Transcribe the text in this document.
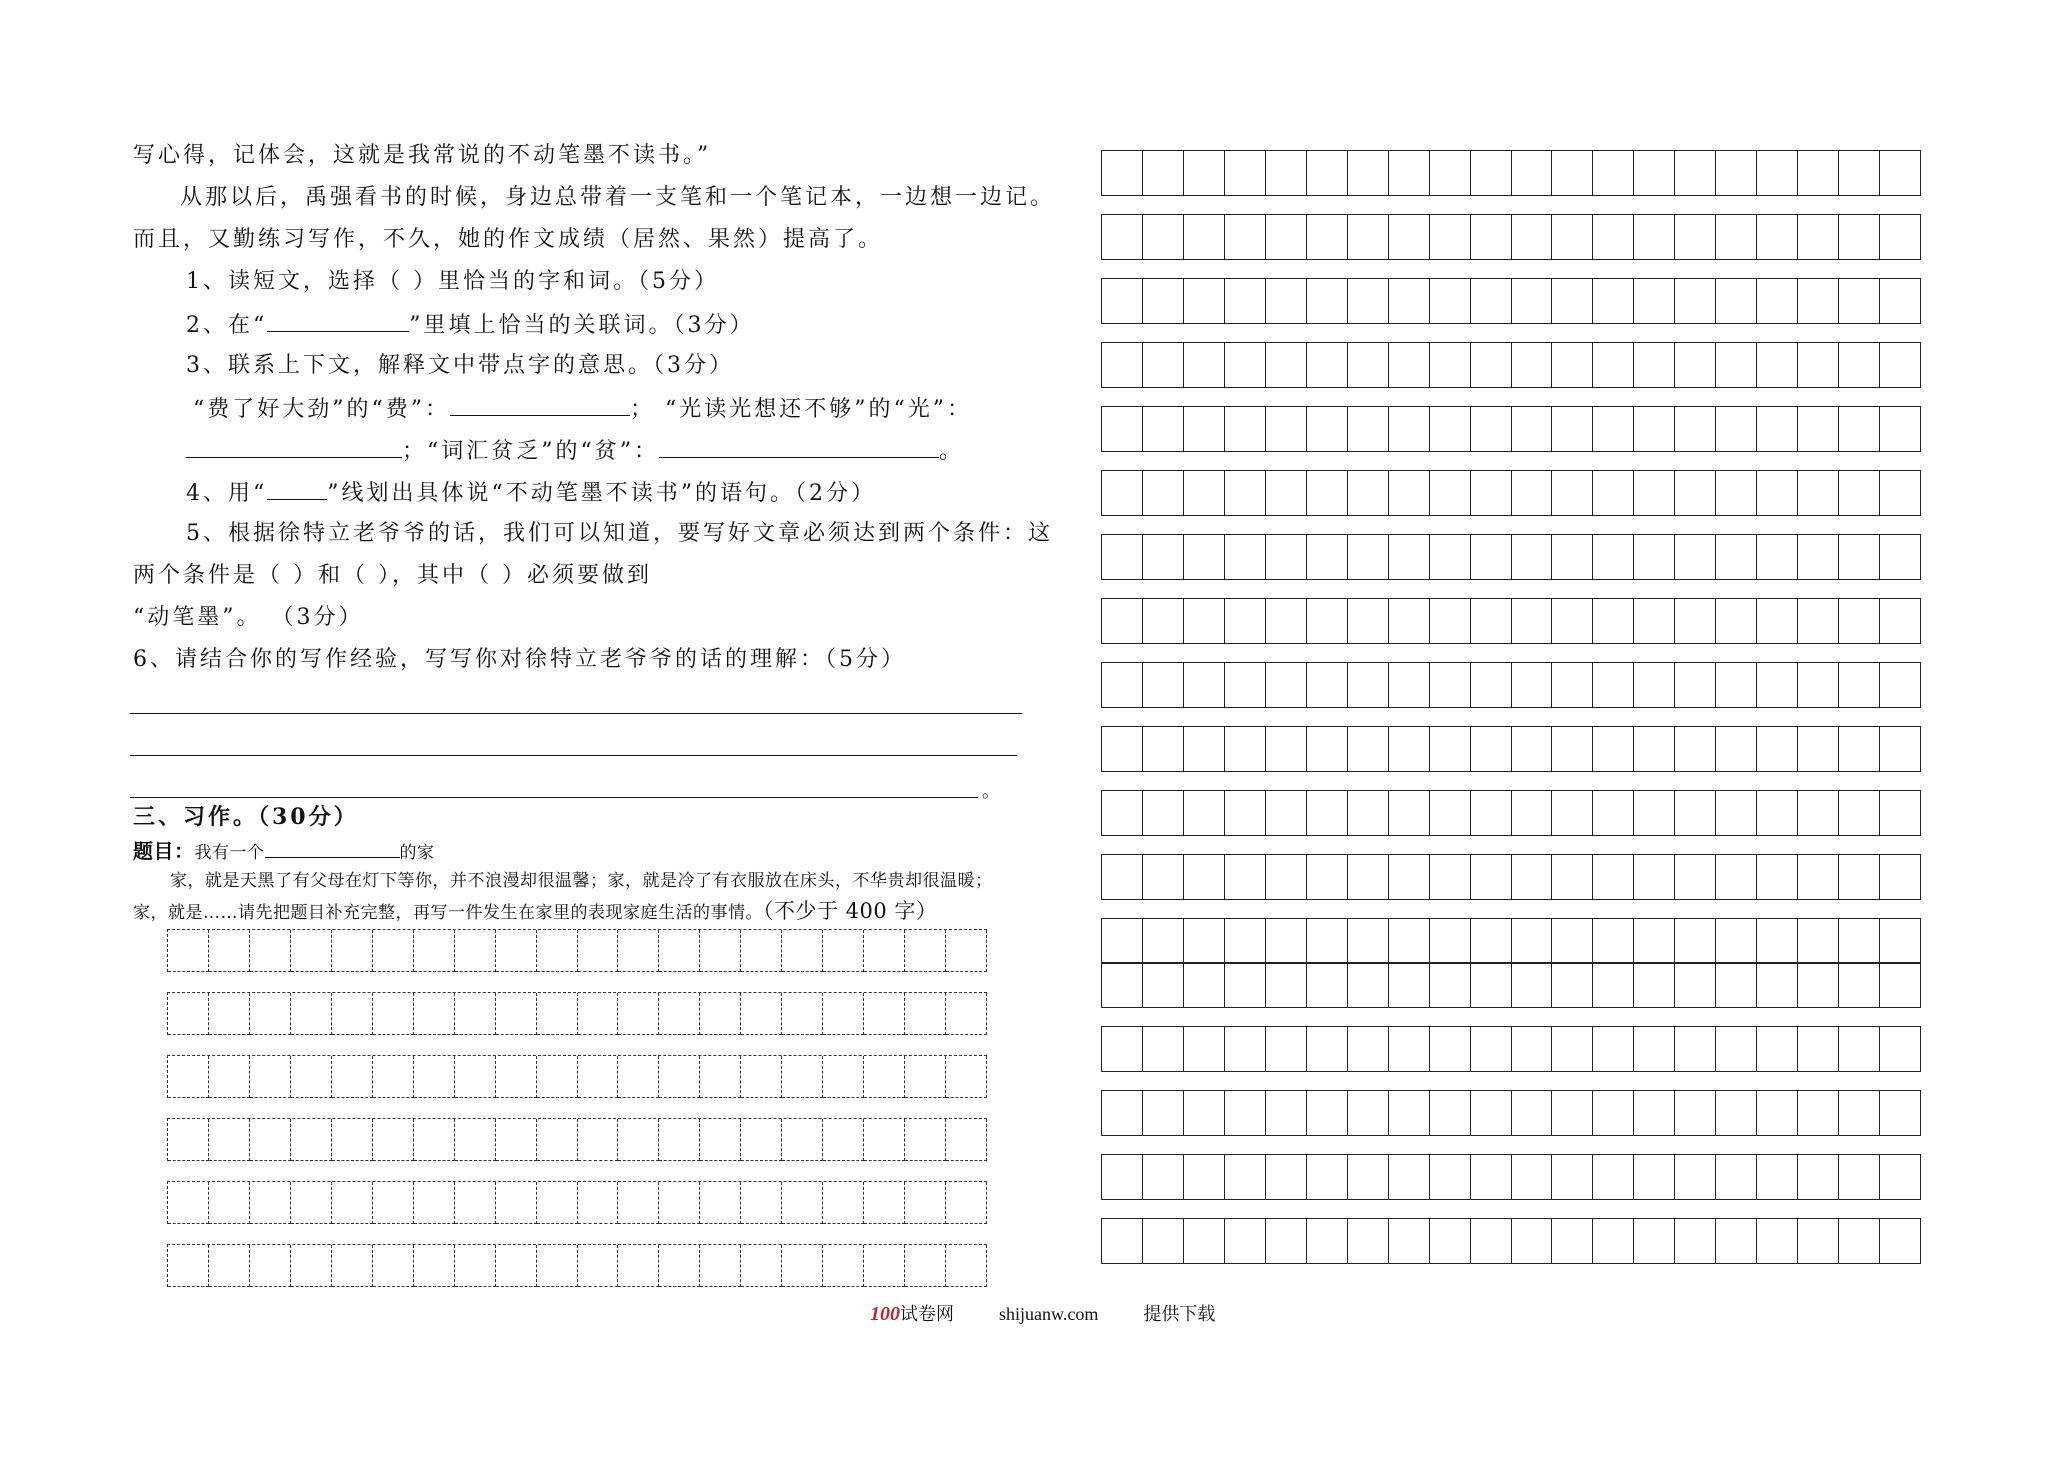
写心得，记体会，这就是我常说的不动笔墨不读书。”
从那以后，禹强看书的时候，身边总带着一支笔和一个笔记本，一边想一边记。
而且，又勤练习写作，不久，她的作文成绩（居然、果然）提高了。
1、读短文，选择（ ）里恰当的字和词。（5分）
2、在“	”里填上恰当的关联词。（3分）
3、联系上下文，解释文中带点字的意思。（3分）
“费了好大劲”的“费”：	； “光读光想还不够”的“光”：
；“词汇贫乏”的“贫”：	。
4、用“	”线划出具体说“不动笔墨不读书”的语句。（2分）
5、根据徐特立老爷爷的话，我们可以知道，要写好文章必须达到两个条件：这
两个条件是（ ）和（ ），其中（ ）必须要做到
“动笔墨”。 （3分）
6、请结合你的写作经验，写写你对徐特立老爷爷的话的理解：（5分）
。
三、习作。（30分）
题目：我有一个	的家
家，就是天黑了有父母在灯下等你，并不浪漫却很温馨；家，就是冷了有衣服放在床头，不华贵却很温暖；
家，就是……请先把题目补充完整，再写一件发生在家里的表现家庭生活的事情。（不少于 400 字）
100试卷网	shijuanw.com	提供下载
